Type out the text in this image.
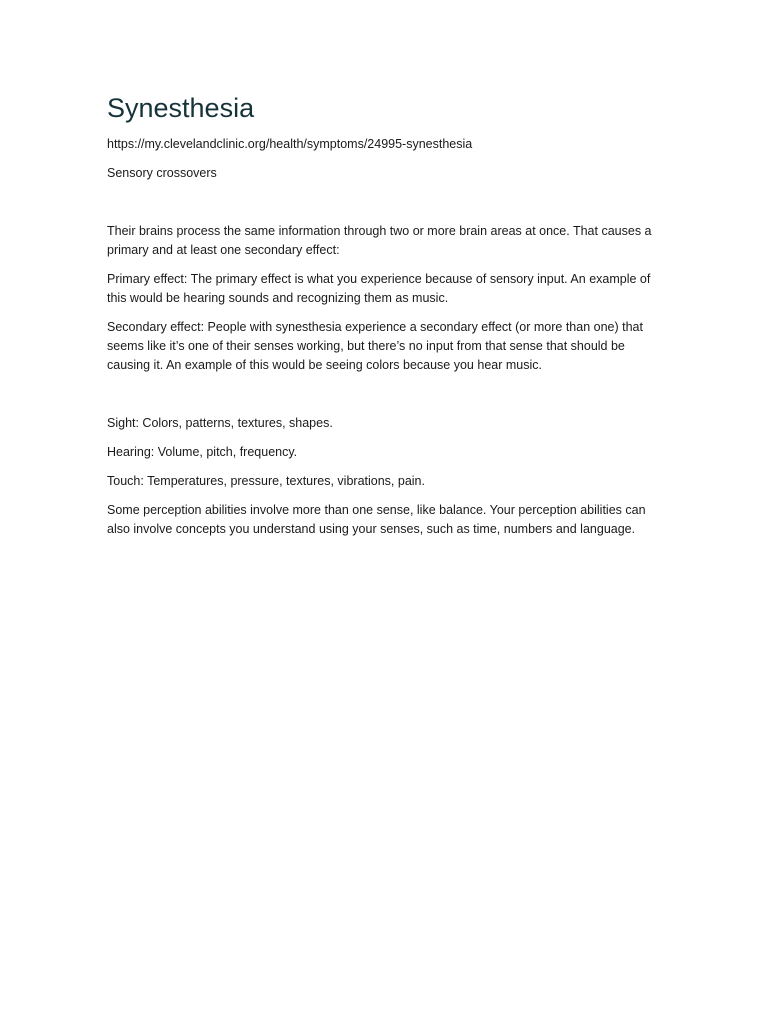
Synesthesia

https://my.clevelandclinic.org/health/symptoms/24995-synesthesia

Sensory crossovers

Their brains process the same information through two or more brain areas at once. That causes a primary and at least one secondary effect:

Primary effect: The primary effect is what you experience because of sensory input. An example of this would be hearing sounds and recognizing them as music.

Secondary effect: People with synesthesia experience a secondary effect (or more than one) that seems like it’s one of their senses working, but there’s no input from that sense that should be causing it. An example of this would be seeing colors because you hear music.

Sight: Colors, patterns, textures, shapes.

Hearing: Volume, pitch, frequency.

Touch: Temperatures, pressure, textures, vibrations, pain.

Some perception abilities involve more than one sense, like balance. Your perception abilities can also involve concepts you understand using your senses, such as time, numbers and language.
